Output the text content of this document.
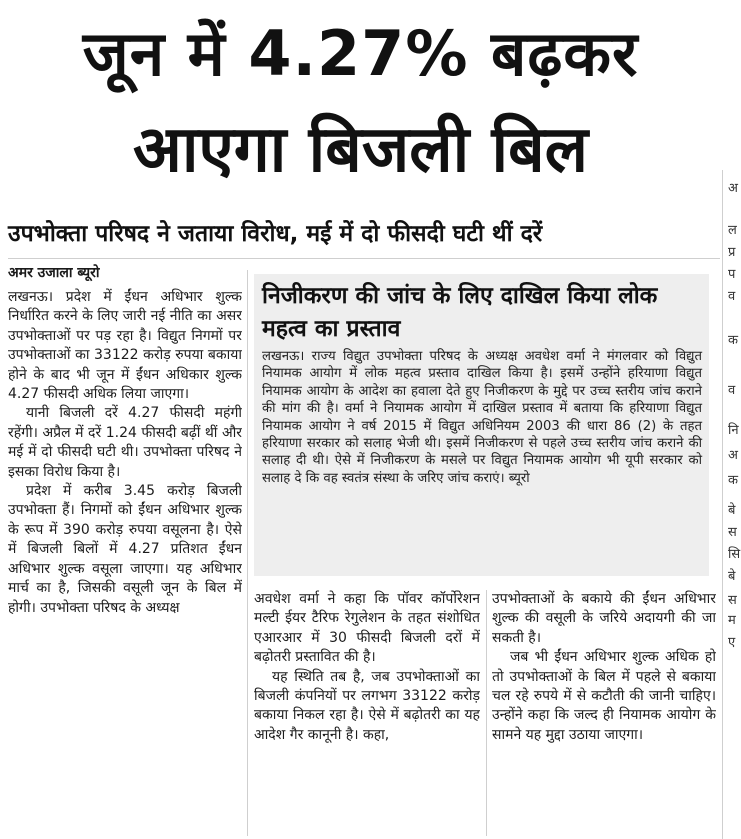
जून में 4.27% बढ़कर
आएगा बिजली बिल
उपभोक्ता परिषद ने जताया विरोध, मई में दो फीसदी घटी थीं दरें
अमर उजाला ब्यूरो

लखनऊ। प्रदेश में ईंधन अधिभार शुल्क निर्धारित करने के लिए जारी नई नीति का असर उपभोक्ताओं पर पड़ रहा है। विद्युत निगमों पर उपभोक्ताओं का 33122 करोड़ रुपया बकाया होने के बाद भी जून में ईंधन अधिकार शुल्क 4.27 फीसदी अधिक लिया जाएगा।

यानी बिजली दरें 4.27 फीसदी महंगी रहेंगी। अप्रैल में दरें 1.24 फीसदी बढ़ीं थीं और मई में दो फीसदी घटी थी। उपभोक्ता परिषद ने इसका विरोध किया है।

प्रदेश में करीब 3.45 करोड़ बिजली उपभोक्ता हैं। निगमों को ईंधन अधिभार शुल्क के रूप में 390 करोड़ रुपया वसूलना है। ऐसे में बिजली बिलों में 4.27 प्रतिशत ईंधन अधिभार शुल्क वसूला जाएगा। यह अधिभार मार्च का है, जिसकी वसूली जून के बिल में होगी। उपभोक्ता परिषद के अध्यक्ष

निजीकरण की जांच के लिए दाखिल किया लोक महत्व का प्रस्ताव
लखनऊ। राज्य विद्युत उपभोक्ता परिषद के अध्यक्ष अवधेश वर्मा ने मंगलवार को विद्युत नियामक आयोग में लोक महत्व प्रस्ताव दाखिल किया है। इसमें उन्होंने हरियाणा विद्युत नियामक आयोग के आदेश का हवाला देते हुए निजीकरण के मुद्दे पर उच्च स्तरीय जांच कराने की मांग की है। वर्मा ने नियामक आयोग में दाखिल प्रस्ताव में बताया कि हरियाणा विद्युत नियामक आयोग ने वर्ष 2015 में विद्युत अधिनियम 2003 की धारा 86 (2) के तहत हरियाणा सरकार को सलाह भेजी थी। इसमें निजीकरण से पहले उच्च स्तरीय जांच कराने की सलाह दी थी। ऐसे में निजीकरण के मसले पर विद्युत नियामक आयोग भी यूपी सरकार को सलाह दे कि वह स्वतंत्र संस्था के जरिए जांच कराएं। ब्यूरो

अवधेश वर्मा ने कहा कि पॉवर कॉर्पोरेशन मल्टी ईयर टैरिफ रेगुलेशन के तहत संशोधित एआरआर में 30 फीसदी बिजली दरों में बढ़ोतरी प्रस्तावित की है।

यह स्थिति तब है, जब उपभोक्ताओं का बिजली कंपनियों पर लगभग 33122 करोड़ बकाया निकल रहा है। ऐसे में बढ़ोतरी का यह आदेश गैर कानूनी है। कहा,

उपभोक्ताओं के बकाये की ईंधन अधिभार शुल्क की वसूली के जरिये अदायगी की जा सकती है।

जब भी ईंधन अधिभार शुल्क अधिक हो तो उपभोक्ताओं के बिल में पहले से बकाया चल रहे रुपये में से कटौती की जानी चाहिए। उन्होंने कहा कि जल्द ही नियामक आयोग के सामने यह मुद्दा उठाया जाएगा।

अ
ल
प्र
प
व
क
व
नि
अ
क
बे
स
सि
बे
स
म
ए
